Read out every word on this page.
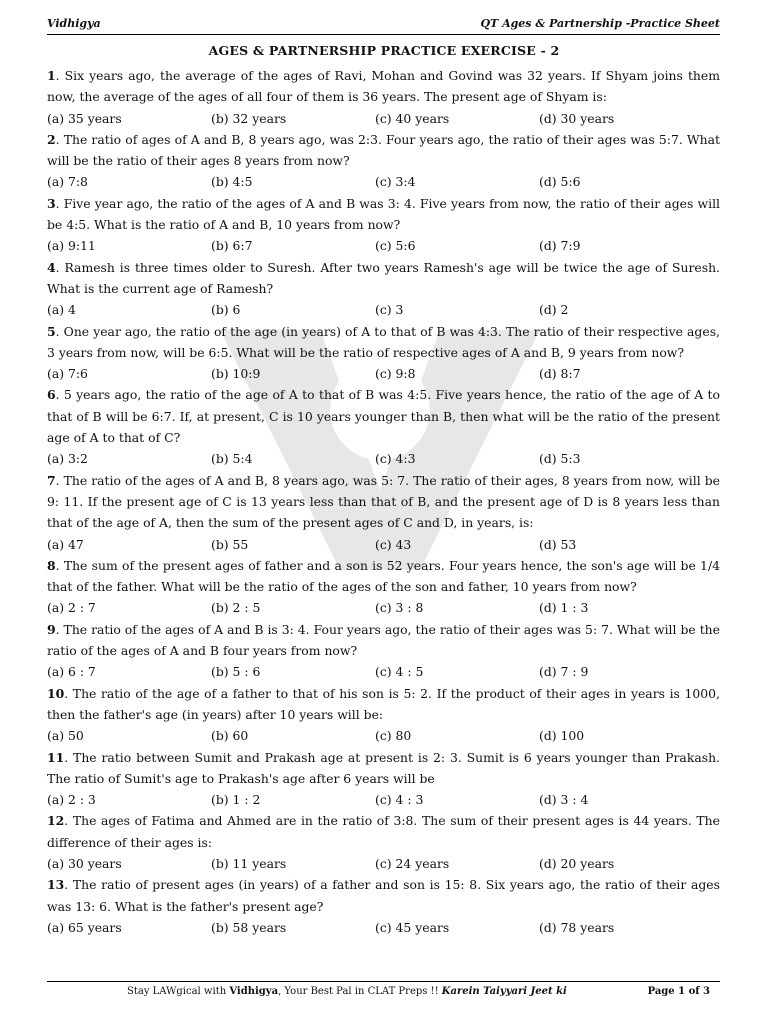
Vidhigya	QT Ages & Partnership -Practice Sheet
AGES & PARTNERSHIP PRACTICE EXERCISE - 2
1. Six years ago, the average of the ages of Ravi, Mohan and Govind was 32 years. If Shyam joins them now, the average of the ages of all four of them is 36 years. The present age of Shyam is:
(a) 35 years	(b) 32 years	(c) 40 years	(d) 30 years
2. The ratio of ages of A and B, 8 years ago, was 2:3. Four years ago, the ratio of their ages was 5:7. What will be the ratio of their ages 8 years from now?
(a) 7:8	(b) 4:5	(c) 3:4	(d) 5:6
3. Five year ago, the ratio of the ages of A and B was 3: 4. Five years from now, the ratio of their ages will be 4:5. What is the ratio of A and B, 10 years from now?
(a) 9:11	(b) 6:7	(c) 5:6	(d) 7:9
4. Ramesh is three times older to Suresh. After two years Ramesh's age will be twice the age of Suresh. What is the current age of Ramesh?
(a) 4	(b) 6	(c) 3	(d) 2
5. One year ago, the ratio of the age (in years) of A to that of B was 4:3. The ratio of their respective ages, 3 years from now, will be 6:5. What will be the ratio of respective ages of A and B, 9 years from now?
(a) 7:6	(b) 10:9	(c) 9:8	(d) 8:7
6. 5 years ago, the ratio of the age of A to that of B was 4:5. Five years hence, the ratio of the age of A to that of B will be 6:7. If, at present, C is 10 years younger than B, then what will be the ratio of the present age of A to that of C?
(a) 3:2	(b) 5:4	(c) 4:3	(d) 5:3
7. The ratio of the ages of A and B, 8 years ago, was 5: 7. The ratio of their ages, 8 years from now, will be 9: 11. If the present age of C is 13 years less than that of B, and the present age of D is 8 years less than that of the age of A, then the sum of the present ages of C and D, in years, is:
(a) 47	(b) 55	(c) 43	(d) 53
8. The sum of the present ages of father and a son is 52 years. Four years hence, the son's age will be 1/4 that of the father. What will be the ratio of the ages of the son and father, 10 years from now?
(a) 2 : 7	(b) 2 : 5	(c) 3 : 8	(d) 1 : 3
9. The ratio of the ages of A and B is 3: 4. Four years ago, the ratio of their ages was 5: 7. What will be the ratio of the ages of A and B four years from now?
(a) 6 : 7	(b) 5 : 6	(c) 4 : 5	(d) 7 : 9
10. The ratio of the age of a father to that of his son is 5: 2. If the product of their ages in years is 1000, then the father's age (in years) after 10 years will be:
(a) 50	(b) 60	(c) 80	(d) 100
11. The ratio between Sumit and Prakash age at present is 2: 3. Sumit is 6 years younger than Prakash. The ratio of Sumit's age to Prakash's age after 6 years will be
(a) 2 : 3	(b) 1 : 2	(c) 4 : 3	(d) 3 : 4
12. The ages of Fatima and Ahmed are in the ratio of 3:8. The sum of their present ages is 44 years. The difference of their ages is:
(a) 30 years	(b) 11 years	(c) 24 years	(d) 20 years
13. The ratio of present ages (in years) of a father and son is 15: 8. Six years ago, the ratio of their ages was 13: 6. What is the father's present age?
(a) 65 years	(b) 58 years	(c) 45 years	(d) 78 years
Stay LAWgical with Vidhigya, Your Best Pal in CLAT Preps !! Karein Taiyyari Jeet ki	Page 1 of 3
